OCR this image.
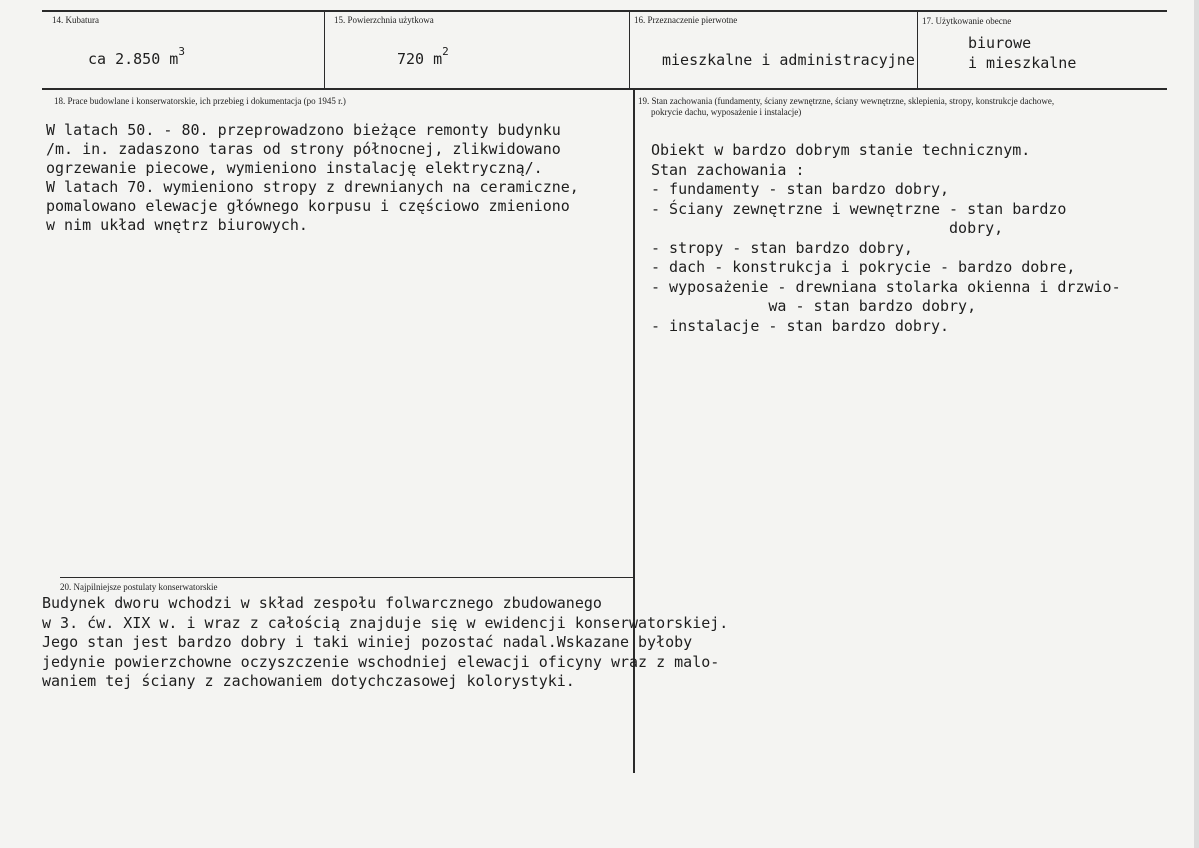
14. Kubatura
ca 2.850 $m^3$
15. Powierzchnia użytkowa
720 $m^2$
16. Przeznaczenie pierwotne
mieszkalne i administracyjne
17. Użytkowanie obecne
biurowe
i mieszkalne
18. Prace budowlane i konserwatorskie, ich przebieg i dokumentacja (po 1945 r.)
W latach 50. - 80. przeprowadzono bieżące remonty budynku
/m. in. zadaszono taras od strony północnej, zlikwidowano
ogrzewanie piecowe, wymieniono instalację elektryczną/.
W latach 70. wymieniono stropy z drewnianych na ceramiczne,
pomalowano elewacje głównego korpusu i częściowo zmieniono
w nim układ wnętrz biurowych.
19. Stan zachowania (fundamenty, ściany zewnętrzne, ściany wewnętrzne, sklepienia, stropy, konstrukcje dachowe,
pokrycie dachu, wyposażenie i instalacje)
Obiekt w bardzo dobrym stanie technicznym.
Stan zachowania :
- fundamenty - stan bardzo dobry,
- Ściany zewnętrzne i wewnętrzne - stan bardzo
dobry,
- stropy - stan bardzo dobry,
- dach - konstrukcja i pokrycie - bardzo dobre,
- wyposażenie - drewniana stolarka okienna i drzwio-
wa - stan bardzo dobry,
- instalacje - stan bardzo dobry.
20. Najpilniejsze postulaty konserwatorskie
Budynek dworu wchodzi w skład zespołu folwarcznego zbudowanego
w 3. ćw. XIX w. i wraz z całością znajduje się w ewidencji konserwatorskiej.
Jego stan jest bardzo dobry i taki winiej pozostać nadal.Wskazane byłoby
jedynie powierzchowne oczyszczenie wschodniej elewacji oficyny wraz z malo-
waniem tej ściany z zachowaniem dotychczasowej kolorystyki.
